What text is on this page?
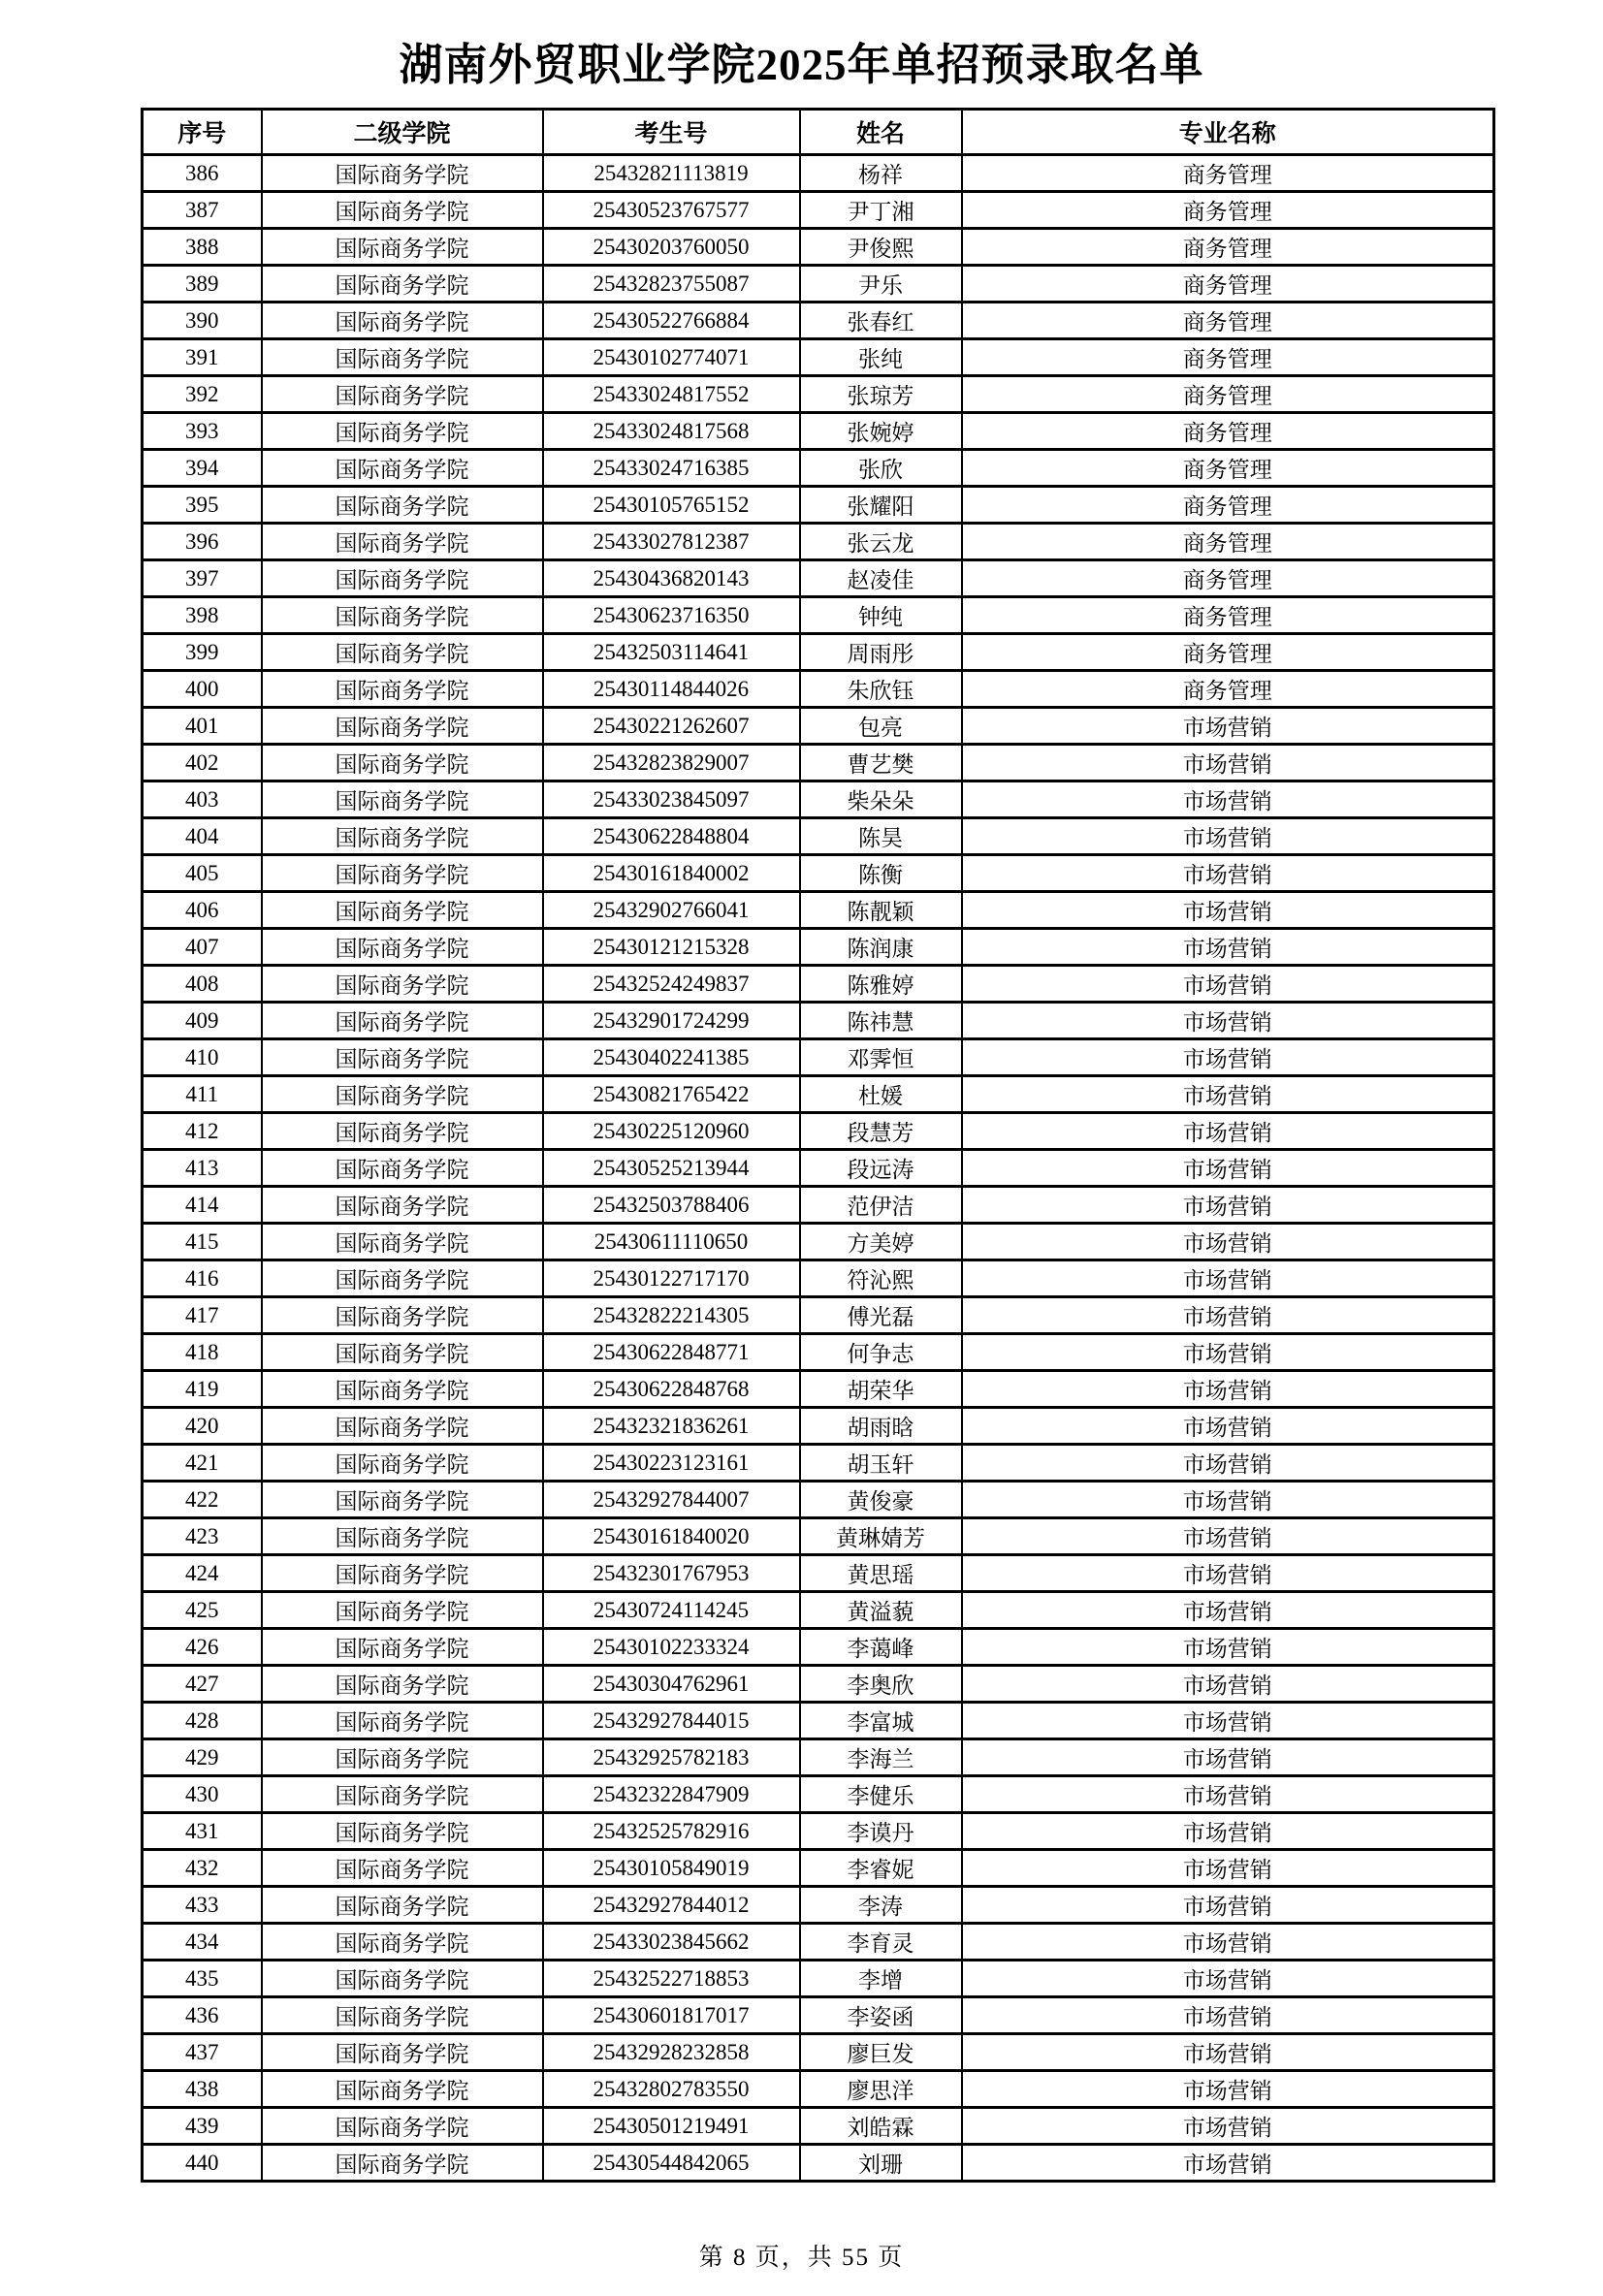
湖南外贸职业学院2025年单招预录取名单
序号	二级学院	考生号	姓名	专业名称
386	国际商务学院	25432821113819	杨祥	商务管理
387	国际商务学院	25430523767577	尹丁湘	商务管理
388	国际商务学院	25430203760050	尹俊熙	商务管理
389	国际商务学院	25432823755087	尹乐	商务管理
390	国际商务学院	25430522766884	张春红	商务管理
391	国际商务学院	25430102774071	张纯	商务管理
392	国际商务学院	25433024817552	张琼芳	商务管理
393	国际商务学院	25433024817568	张婉婷	商务管理
394	国际商务学院	25433024716385	张欣	商务管理
395	国际商务学院	25430105765152	张耀阳	商务管理
396	国际商务学院	25433027812387	张云龙	商务管理
397	国际商务学院	25430436820143	赵凌佳	商务管理
398	国际商务学院	25430623716350	钟纯	商务管理
399	国际商务学院	25432503114641	周雨彤	商务管理
400	国际商务学院	25430114844026	朱欣钰	商务管理
401	国际商务学院	25430221262607	包亮	市场营销
402	国际商务学院	25432823829007	曹艺樊	市场营销
403	国际商务学院	25433023845097	柴朵朵	市场营销
404	国际商务学院	25430622848804	陈昊	市场营销
405	国际商务学院	25430161840002	陈衡	市场营销
406	国际商务学院	25432902766041	陈靓颖	市场营销
407	国际商务学院	25430121215328	陈润康	市场营销
408	国际商务学院	25432524249837	陈雅婷	市场营销
409	国际商务学院	25432901724299	陈祎慧	市场营销
410	国际商务学院	25430402241385	邓霁恒	市场营销
411	国际商务学院	25430821765422	杜媛	市场营销
412	国际商务学院	25430225120960	段慧芳	市场营销
413	国际商务学院	25430525213944	段远涛	市场营销
414	国际商务学院	25432503788406	范伊洁	市场营销
415	国际商务学院	25430611110650	方美婷	市场营销
416	国际商务学院	25430122717170	符沁熙	市场营销
417	国际商务学院	25432822214305	傅光磊	市场营销
418	国际商务学院	25430622848771	何争志	市场营销
419	国际商务学院	25430622848768	胡荣华	市场营销
420	国际商务学院	25432321836261	胡雨晗	市场营销
421	国际商务学院	25430223123161	胡玉轩	市场营销
422	国际商务学院	25432927844007	黄俊豪	市场营销
423	国际商务学院	25430161840020	黄琳婧芳	市场营销
424	国际商务学院	25432301767953	黄思瑶	市场营销
425	国际商务学院	25430724114245	黄溢藐	市场营销
426	国际商务学院	25430102233324	李蔼峰	市场营销
427	国际商务学院	25430304762961	李奥欣	市场营销
428	国际商务学院	25432927844015	李富城	市场营销
429	国际商务学院	25432925782183	李海兰	市场营销
430	国际商务学院	25432322847909	李健乐	市场营销
431	国际商务学院	25432525782916	李谟丹	市场营销
432	国际商务学院	25430105849019	李睿妮	市场营销
433	国际商务学院	25432927844012	李涛	市场营销
434	国际商务学院	25433023845662	李育灵	市场营销
435	国际商务学院	25432522718853	李增	市场营销
436	国际商务学院	25430601817017	李姿函	市场营销
437	国际商务学院	25432928232858	廖巨发	市场营销
438	国际商务学院	25432802783550	廖思洋	市场营销
439	国际商务学院	25430501219491	刘皓霖	市场营销
440	国际商务学院	25430544842065	刘珊	市场营销
第 8 页，共 55 页
